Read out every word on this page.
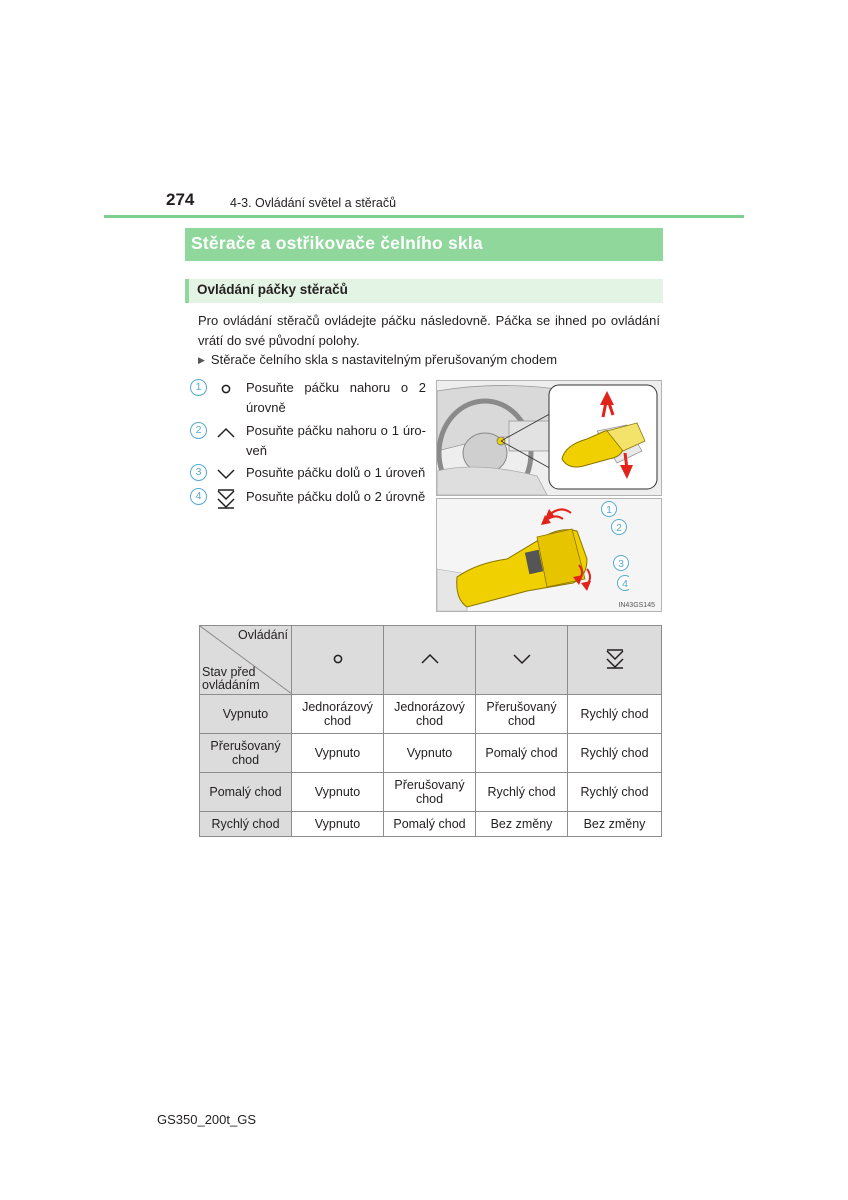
274	4-3. Ovládání světel a stěračů
Stěrače a ostřikovače čelního skla
Ovládání páčky stěračů
Pro ovládání stěračů ovládejte páčku následovně. Páčka se ihned po ovládání vrátí do své původní polohy.
▶ Stěrače čelního skla s nastavitelným přerušovaným chodem
1	Posuňte páčku nahoru o 2 úrovně
2	Posuňte páčku nahoru o 1 úro-veň
3	Posuňte páčku dolů o 1 úroveň
4	Posuňte páčku dolů o 2 úrovně
1
2
3
4
IN43GS145
Ovládání
Stav před ovládáním

Vypnuto	Jednorázový chod	Jednorázový chod	Přerušovaný chod	Rychlý chod
Přerušovaný chod	Vypnuto	Vypnuto	Pomalý chod	Rychlý chod
Pomalý chod	Vypnuto	Přerušovaný chod	Rychlý chod	Rychlý chod
Rychlý chod	Vypnuto	Pomalý chod	Bez změny	Bez změny
GS350_200t_GS
